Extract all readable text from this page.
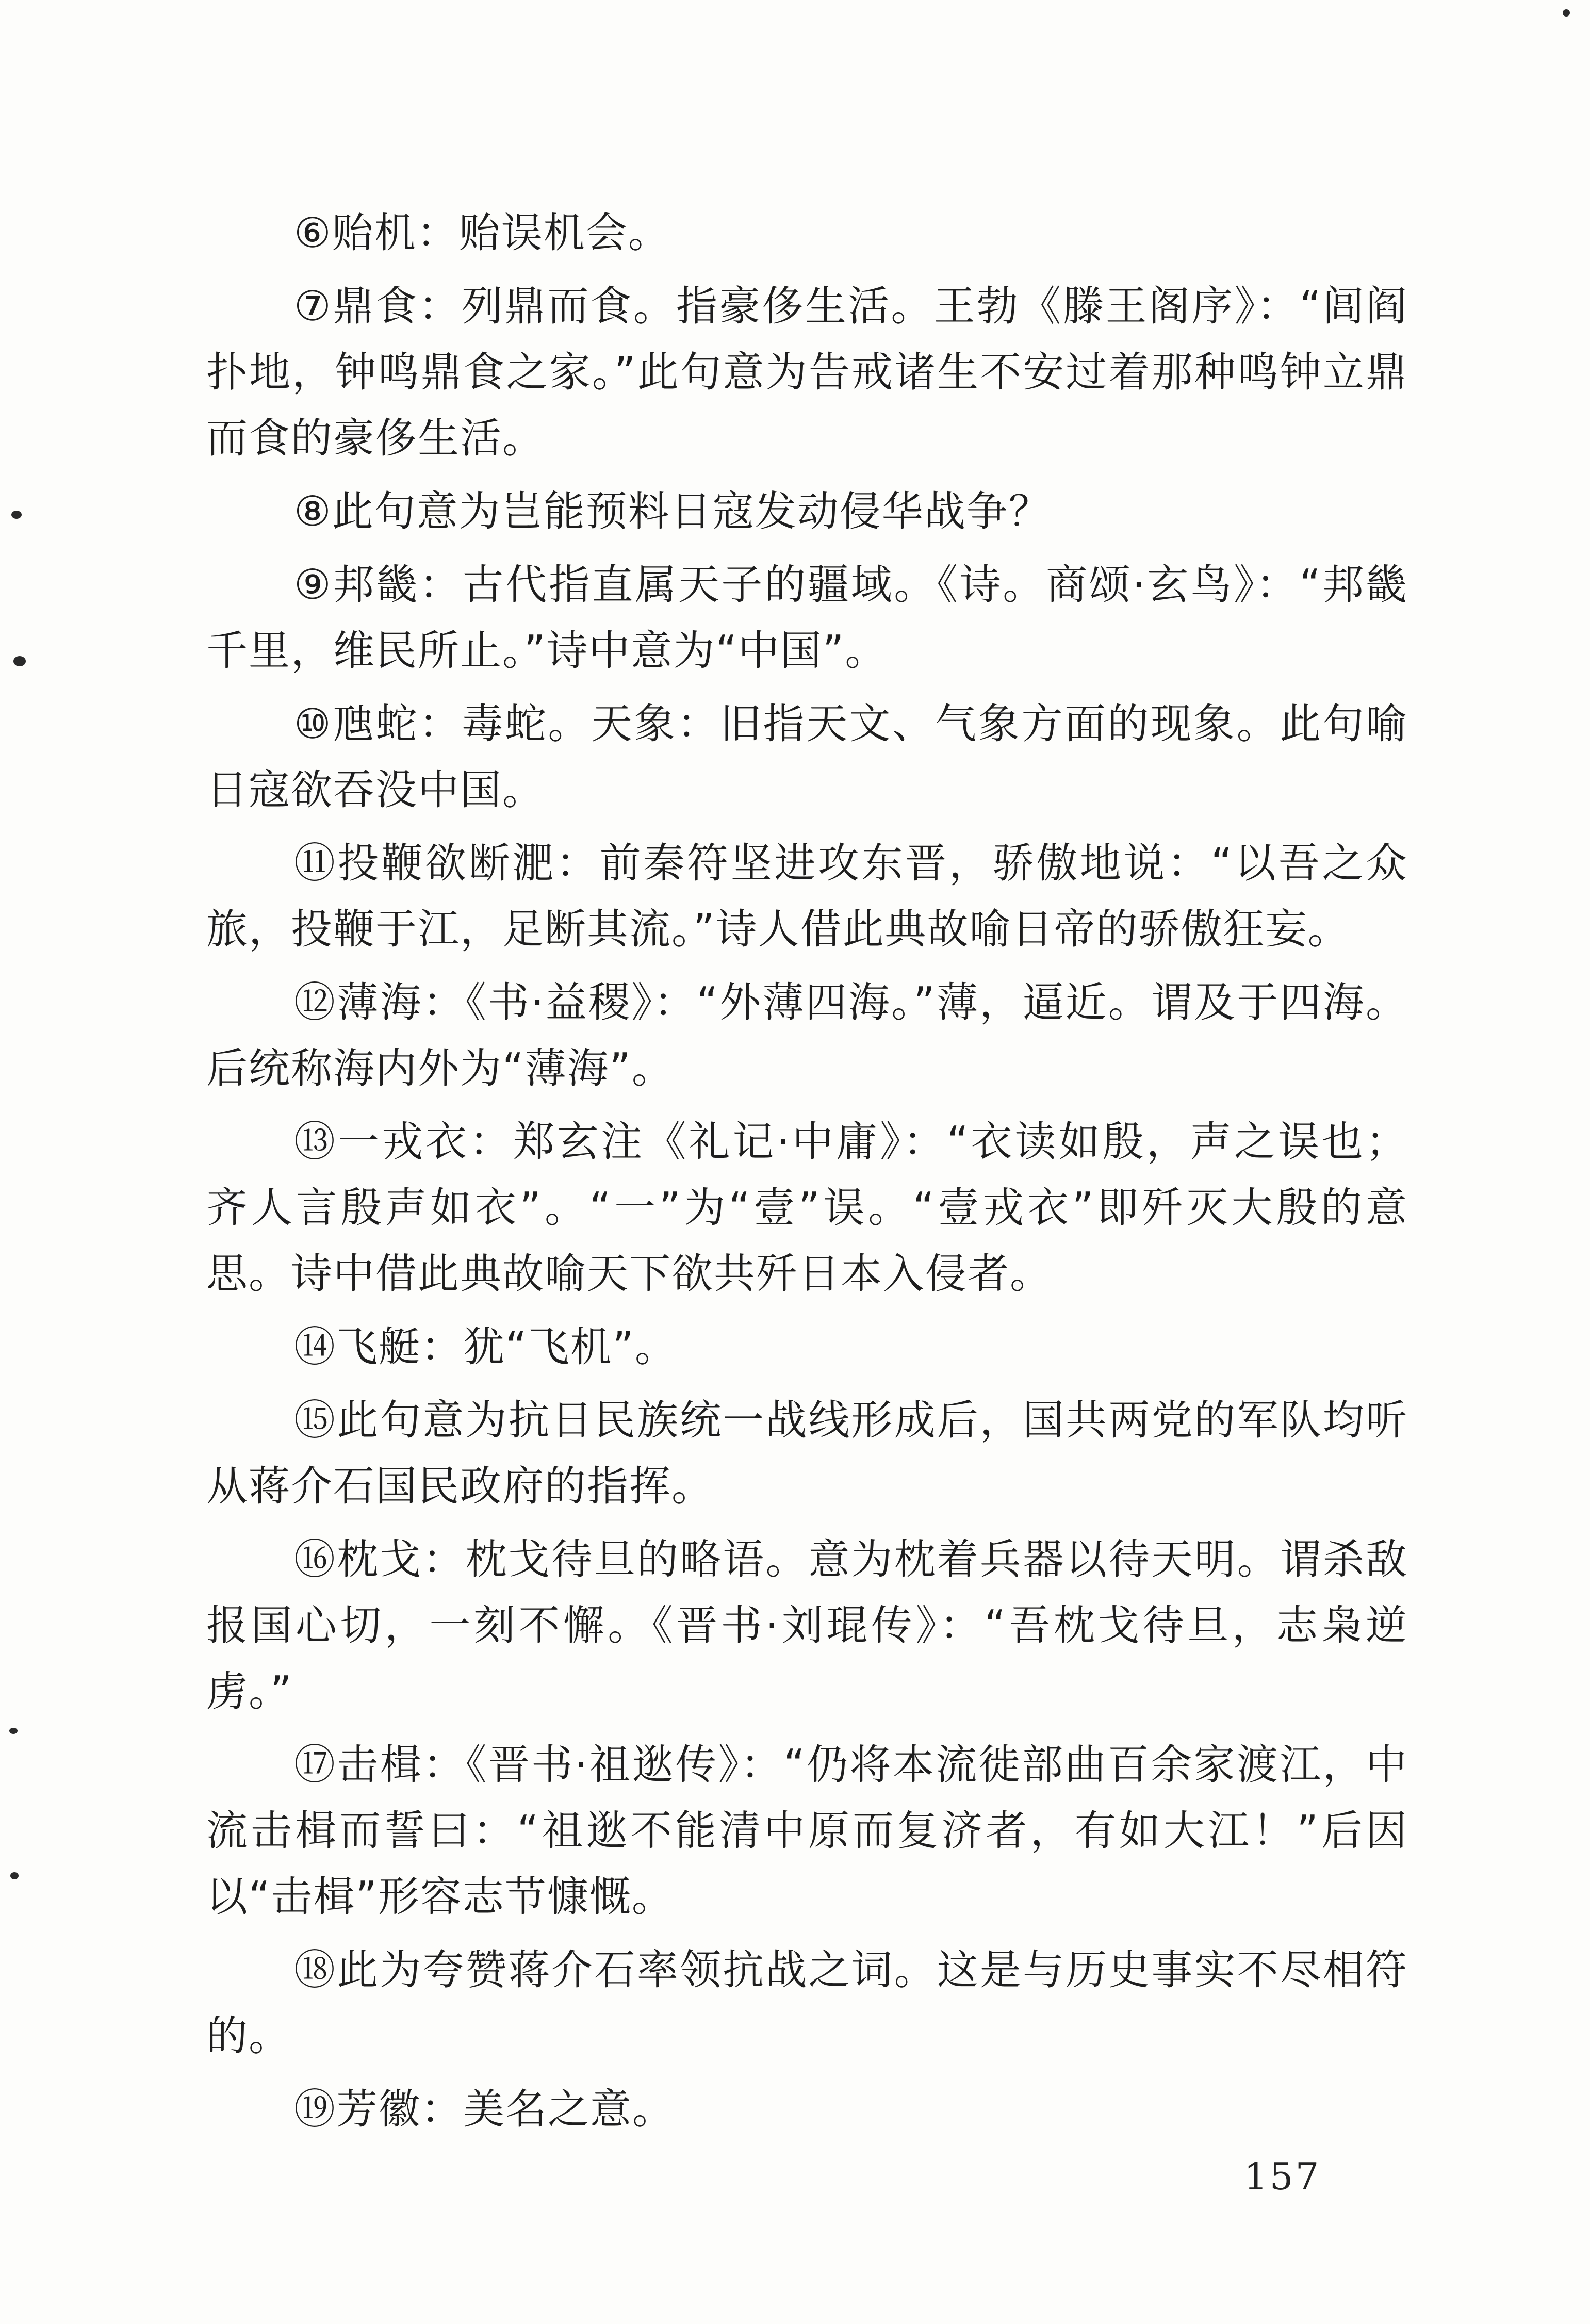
⑥贻机：贻误机会。

⑦鼎食：列鼎而食。指豪侈生活。王勃《滕王阁序》：“闾阎扑地，钟鸣鼎食之家。”此句意为告戒诸生不安过着那种鸣钟立鼎而食的豪侈生活。

⑧此句意为岂能预料日寇发动侵华战争？

⑨邦畿：古代指直属天子的疆域。《诗。商颂·玄鸟》：“邦畿千里，维民所止。”诗中意为“中国”。

⑩虺蛇：毒蛇。天象：旧指天文、气象方面的现象。此句喻日寇欲吞没中国。

⑪投鞭欲断淝：前秦符坚进攻东晋，骄傲地说：“以吾之众旅，投鞭于江，足断其流。”诗人借此典故喻日帝的骄傲狂妄。

⑫薄海：《书·益稷》：“外薄四海。”薄，逼近。谓及于四海。后统称海内外为“薄海”。

⑬一戎衣：郑玄注《礼记·中庸》：“衣读如殷，声之误也；齐人言殷声如衣”。“一”为“壹”误。“壹戎衣”即歼灭大殷的意思。诗中借此典故喻天下欲共歼日本入侵者。

⑭飞艇：犹“飞机”。

⑮此句意为抗日民族统一战线形成后，国共两党的军队均听从蒋介石国民政府的指挥。

⑯枕戈：枕戈待旦的略语。意为枕着兵器以待天明。谓杀敌报国心切，一刻不懈。《晋书·刘琨传》：“吾枕戈待旦，志枭逆虏。”

⑰击楫：《晋书·祖逖传》：“仍将本流徙部曲百余家渡江，中流击楫而誓曰：“祖逖不能清中原而复济者，有如大江！”后因以“击楫”形容志节慷慨。

⑱此为夸赞蒋介石率领抗战之词。这是与历史事实不尽相符的。

⑲芳徽：美名之意。

157
